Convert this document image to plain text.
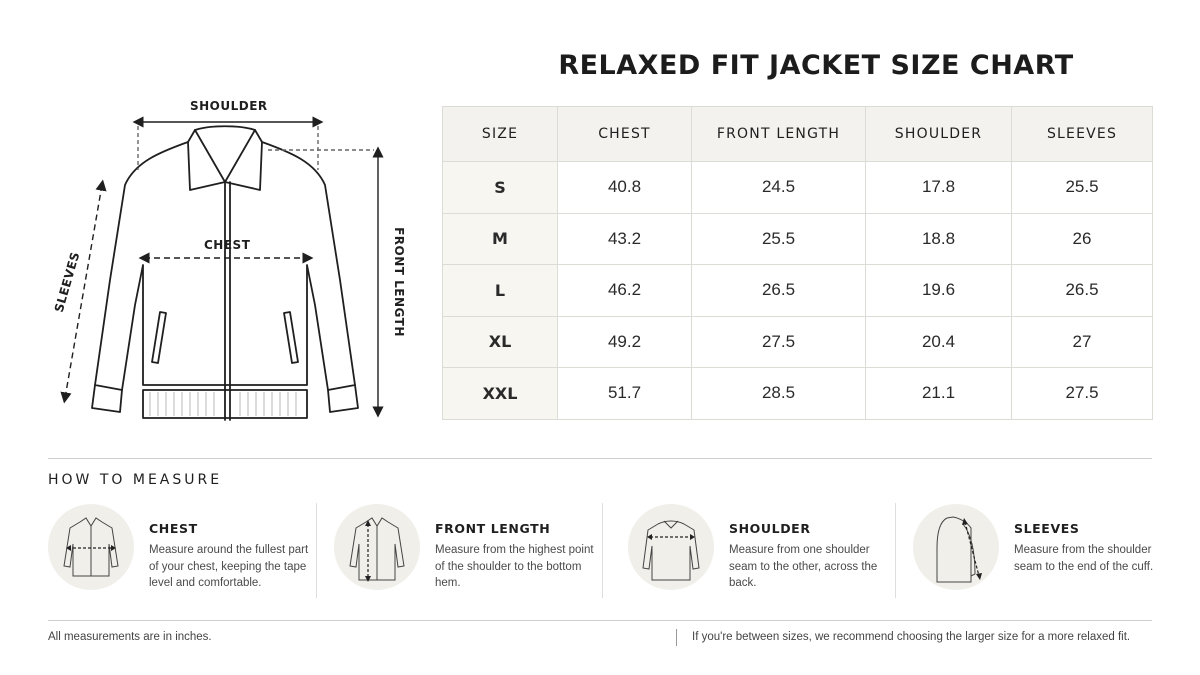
RELAXED FIT JACKET SIZE CHART
SHOULDER
CHEST
SLEEVES	FRONT LENGTH
SIZE	CHEST	FRONT LENGTH	SHOULDER	SLEEVES
S	40.8	24.5	17.8	25.5
M	43.2	25.5	18.8	26
L	46.2	26.5	19.6	26.5
XL	49.2	27.5	20.4	27
XXL	51.7	28.5	21.1	27.5
HOW TO MEASURE
CHEST
Measure around the fullest part of your chest, keeping the tape level and comfortable.
FRONT LENGTH
Measure from the highest point of the shoulder to the bottom hem.
SHOULDER
Measure from one shoulder seam to the other, across the back.
SLEEVES
Measure from the shoulder seam to the end of the cuff.
All measurements are in inches.	If you're between sizes, we recommend choosing the larger size for a more relaxed fit.
